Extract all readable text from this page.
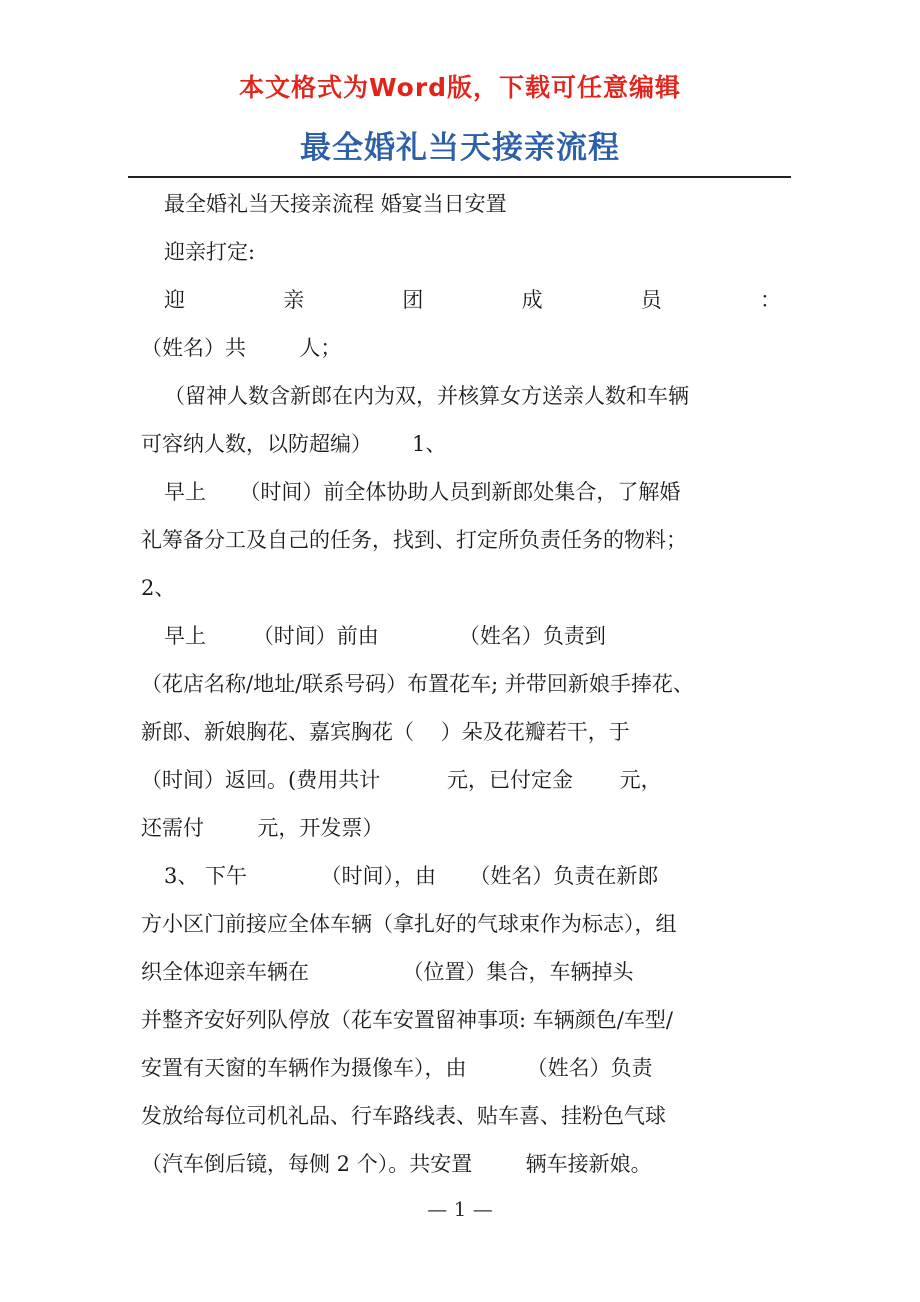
本文格式为Word版，下载可任意编辑
最全婚礼当天接亲流程
最全婚礼当天接亲流程 婚宴当日安置
迎亲打定:
迎	亲	团	成	员	：
（姓名）共        人；
（留神人数含新郎在内为双，并核算女方送亲人数和车辆
可容纳人数，以防超编）      1、
早上     （时间）前全体协助人员到新郎处集合，了解婚
礼筹备分工及自己的任务，找到、打定所负责任务的物料；
2、
早上       （时间）前由            （姓名）负责到
（花店名称/地址/联系号码）布置花车; 并带回新娘手捧花、
新郎、新娘胸花、嘉宾胸花（    ）朵及花瓣若干，于
（时间）返回。(费用共计          元，已付定金       元，
还需付        元，开发票）
3、 下午           （时间），由     （姓名）负责在新郎
方小区门前接应全体车辆（拿扎好的气球束作为标志），组
织全体迎亲车辆在              （位置）集合，车辆掉头
并整齐安好列队停放（花车安置留神事项: 车辆颜色/车型/
安置有天窗的车辆作为摄像车），由         （姓名）负责
发放给每位司机礼品、行车路线表、贴车喜、挂粉色气球
（汽车倒后镜，每侧 2 个）。共安置        辆车接新娘。
— 1 —
